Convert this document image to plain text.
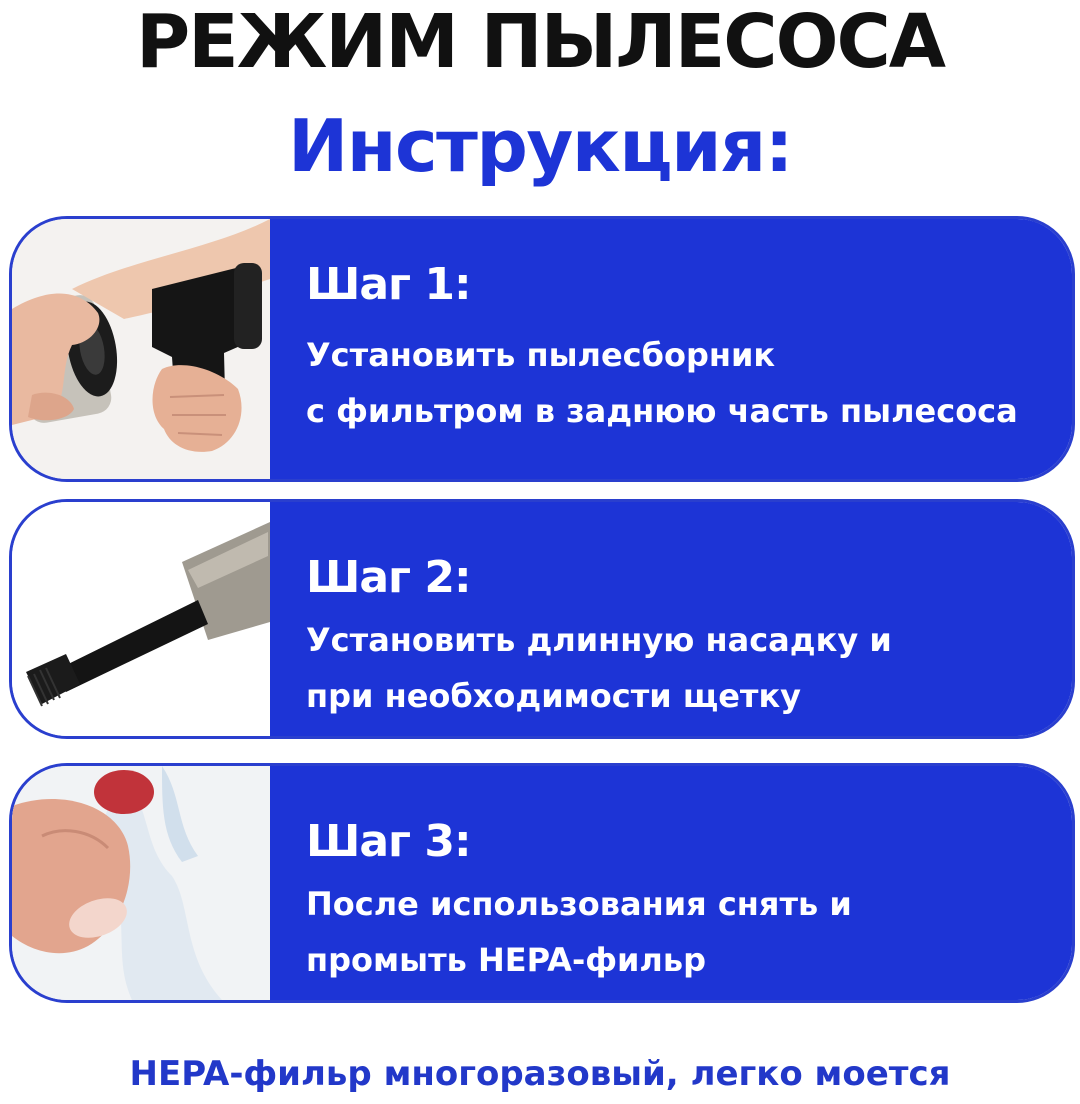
РЕЖИМ ПЫЛЕСОСА
Инструкция:
Шаг 1:
Установить пылесборник
с фильтром в заднюю часть пылесоса
Шаг 2:
Установить длинную насадку и
при необходимости щетку
Шаг 3:
После использования снять и
промыть HEPA-фильр
HEPA-фильр многоразовый, легко моется
